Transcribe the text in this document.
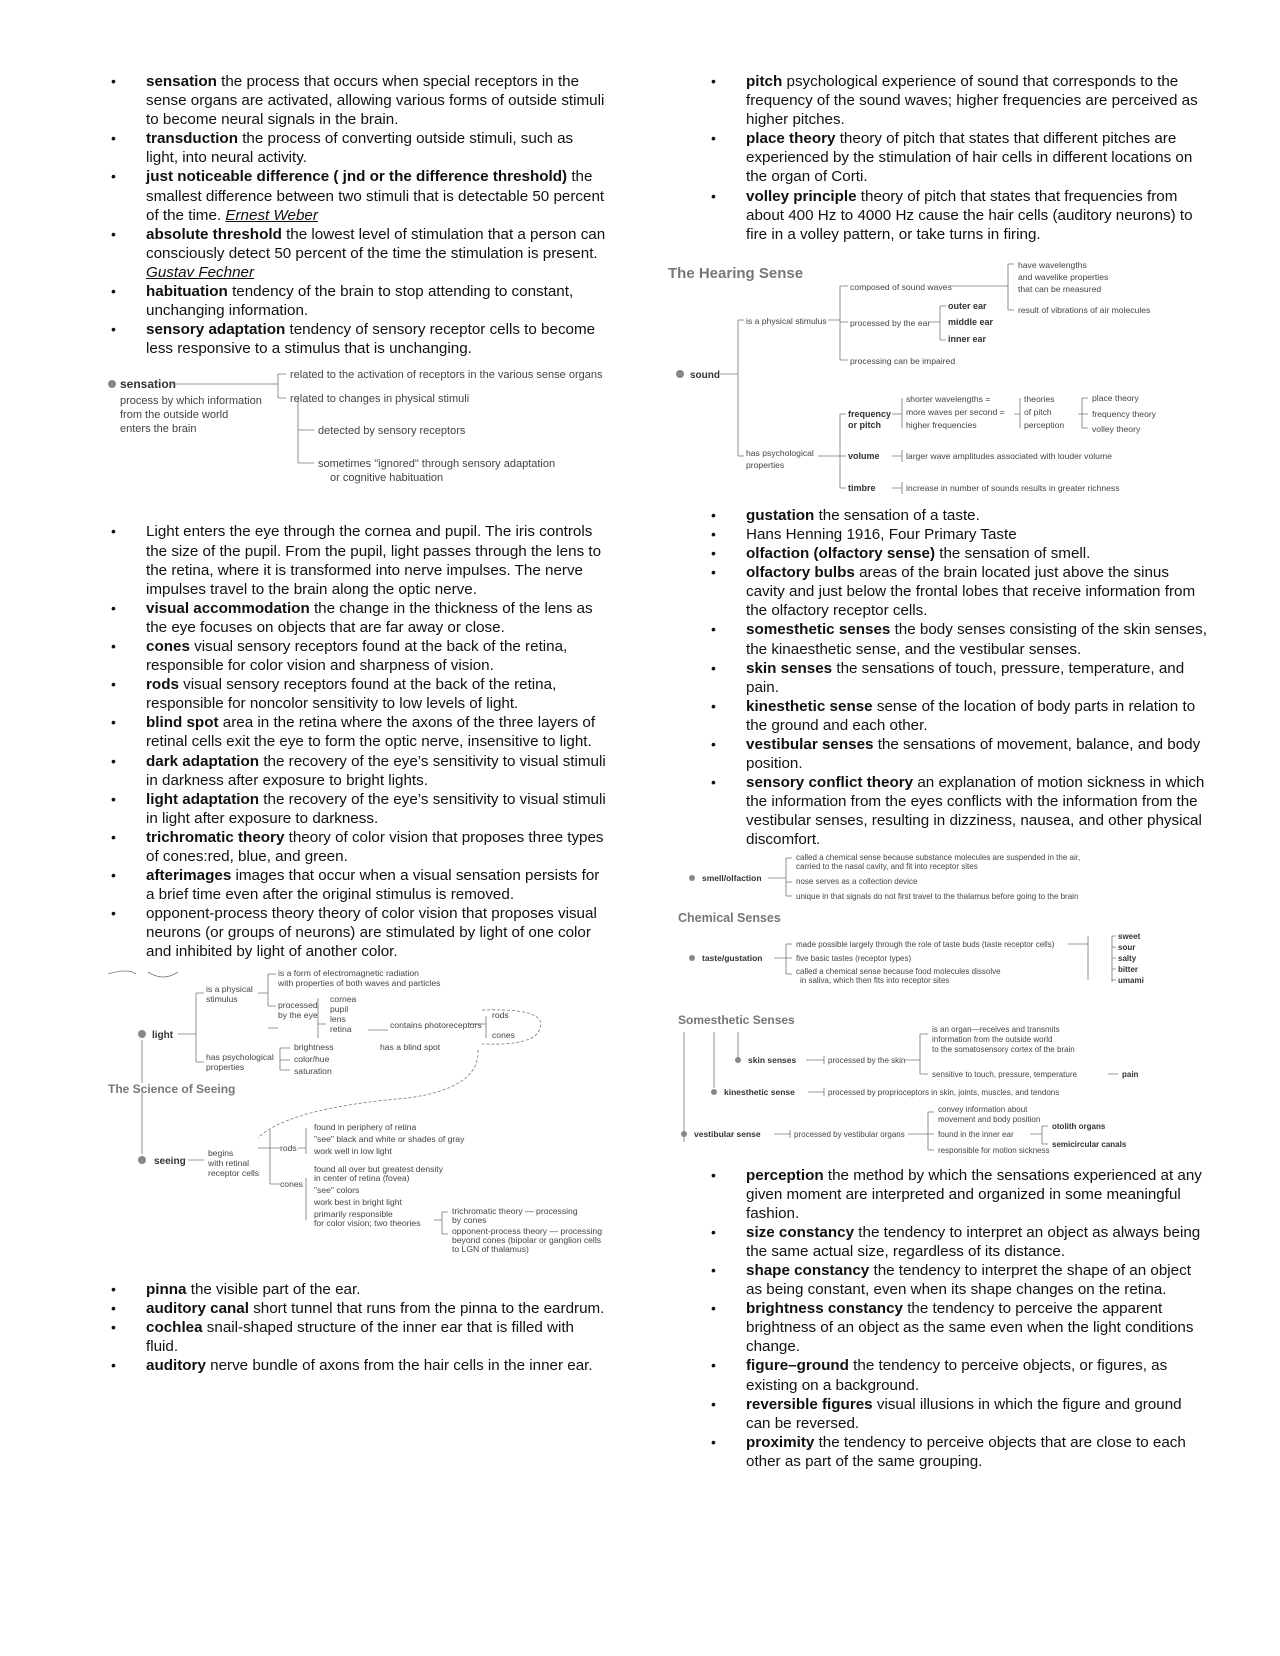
• sensation the process that occurs when special receptors in the sense organs are activated, allowing various forms of outside stimuli to become neural signals in the brain.
• transduction the process of converting outside stimuli, such as light, into neural activity.
• just noticeable difference ( jnd or the difference threshold) the smallest difference between two stimuli that is detectable 50 percent of the time. Ernest Weber
• absolute threshold the lowest level of stimulation that a person can consciously detect 50 percent of the time the stimulation is present. Gustav Fechner
• habituation tendency of the brain to stop attending to constant, unchanging information.
• sensory adaptation tendency of sensory receptor cells to become less responsive to a stimulus that is unchanging.
sensation
process by which information
from the outside world
enters the brain
related to the activation of receptors in the various sense organs
related to changes in physical stimuli
detected by sensory receptors
sometimes "ignored" through sensory adaptation
or cognitive habituation
• Light enters the eye through the cornea and pupil. The iris controls the size of the pupil. From the pupil, light passes through the lens to the retina, where it is transformed into nerve impulses. The nerve impulses travel to the brain along the optic nerve.
• visual accommodation the change in the thickness of the lens as the eye focuses on objects that are far away or close.
• cones visual sensory receptors found at the back of the retina, responsible for color vision and sharpness of vision.
• rods visual sensory receptors found at the back of the retina, responsible for noncolor sensitivity to low levels of light.
• blind spot area in the retina where the axons of the three layers of retinal cells exit the eye to form the optic nerve, insensitive to light.
• dark adaptation the recovery of the eye’s sensitivity to visual stimuli in darkness after exposure to bright lights.
• light adaptation the recovery of the eye’s sensitivity to visual stimuli in light after exposure to darkness.
• trichromatic theory theory of color vision that proposes three types of cones:red, blue, and green.
• afterimages images that occur when a visual sensation persists for a brief time even after the original stimulus is removed.
• opponent-process theory theory of color vision that proposes visual neurons (or groups of neurons) are stimulated by light of one color and inhibited by light of another color.
light
is a physical
stimulus
is a form of electromagnetic radiation
with properties of both waves and particles
processed
by the eye
cornea
pupil
lens
retina	contains photoreceptors
rods
cones
has a blind spot
has psychological
properties
brightness
color/hue
saturation
The Science of Seeing
seeing
begins
with retinal
receptor cells
rods
cones
found in periphery of retina
"see" black and white or shades of gray
work well in low light
found all over but greatest density
in center of retina (fovea)
"see" colors
work best in bright light
primarily responsible
for color vision; two theories
trichromatic theory — processing
by cones
opponent-process theory — processing
beyond cones (bipolar or ganglion cells
to LGN of thalamus)
• pinna the visible part of the ear.
• auditory canal short tunnel that runs from the pinna to the eardrum.
• cochlea snail-shaped structure of the inner ear that is filled with fluid.
• auditory nerve bundle of axons from the hair cells in the inner ear.
• pitch psychological experience of sound that corresponds to the frequency of the sound waves; higher frequencies are perceived as higher pitches.
• place theory theory of pitch that states that different pitches are experienced by the stimulation of hair cells in different locations on the organ of Corti.
• volley principle theory of pitch that states that frequencies from about 400 Hz to 4000 Hz cause the hair cells (auditory neurons) to fire in a volley pattern, or take turns in firing.
The Hearing Sense
sound
is a physical stimulus
composed of sound waves
have wavelengths
and wavelike properties
that can be measured
result of vibrations of air molecules
processed by the ear
outer ear
middle ear
inner ear
processing can be impaired
has psychological
properties
frequency
or pitch
shorter wavelengths =
more waves per second =
higher frequencies
theories
of pitch
perception
place theory
frequency theory
volley theory
volume	larger wave amplitudes associated with louder volume
timbre	increase in number of sounds results in greater richness
• gustation the sensation of a taste.
• Hans Henning 1916, Four Primary Taste
• olfaction (olfactory sense) the sensation of smell.
• olfactory bulbs areas of the brain located just above the sinus cavity and just below the frontal lobes that receive information from the olfactory receptor cells.
• somesthetic senses the body senses consisting of the skin senses, the kinaesthetic sense, and the vestibular senses.
• skin senses the sensations of touch, pressure, temperature, and pain.
• kinesthetic sense sense of the location of body parts in relation to the ground and each other.
• vestibular senses the sensations of movement, balance, and body position.
• sensory conflict theory an explanation of motion sickness in which the information from the eyes conflicts with the information from the vestibular senses, resulting in dizziness, nausea, and other physical discomfort.
smell/olfaction
called a chemical sense because substance molecules are suspended in the air,
carried to the nasal cavity, and fit into receptor sites
nose serves as a collection device
unique in that signals do not first travel to the thalamus before going to the brain
Chemical Senses
taste/gustation
made possible largely through the role of taste buds (taste receptor cells)
five basic tastes (receptor types)
called a chemical sense because food molecules dissolve
in saliva, which then fits into receptor sites
sweet
sour
salty
bitter
umami
Somesthetic Senses
skin senses	processed by the skin
is an organ—receives and transmits
information from the outside world
to the somatosensory cortex of the brain
sensitive to touch, pressure, temperature	pain
kinesthetic sense	processed by proprioceptors in skin, joints, muscles, and tendons
vestibular sense	processed by vestibular organs
convey information about
movement and body position
found in the inner ear
responsible for motion sickness
otolith organs
semicircular canals
• perception the method by which the sensations experienced at any given moment are interpreted and organized in some meaningful fashion.
• size constancy the tendency to interpret an object as always being the same actual size, regardless of its distance.
• shape constancy the tendency to interpret the shape of an object as being constant, even when its shape changes on the retina.
• brightness constancy the tendency to perceive the apparent brightness of an object as the same even when the light conditions change.
• figure–ground the tendency to perceive objects, or figures, as existing on a background.
• reversible figures visual illusions in which the figure and ground can be reversed.
• proximity the tendency to perceive objects that are close to each other as part of the same grouping.
